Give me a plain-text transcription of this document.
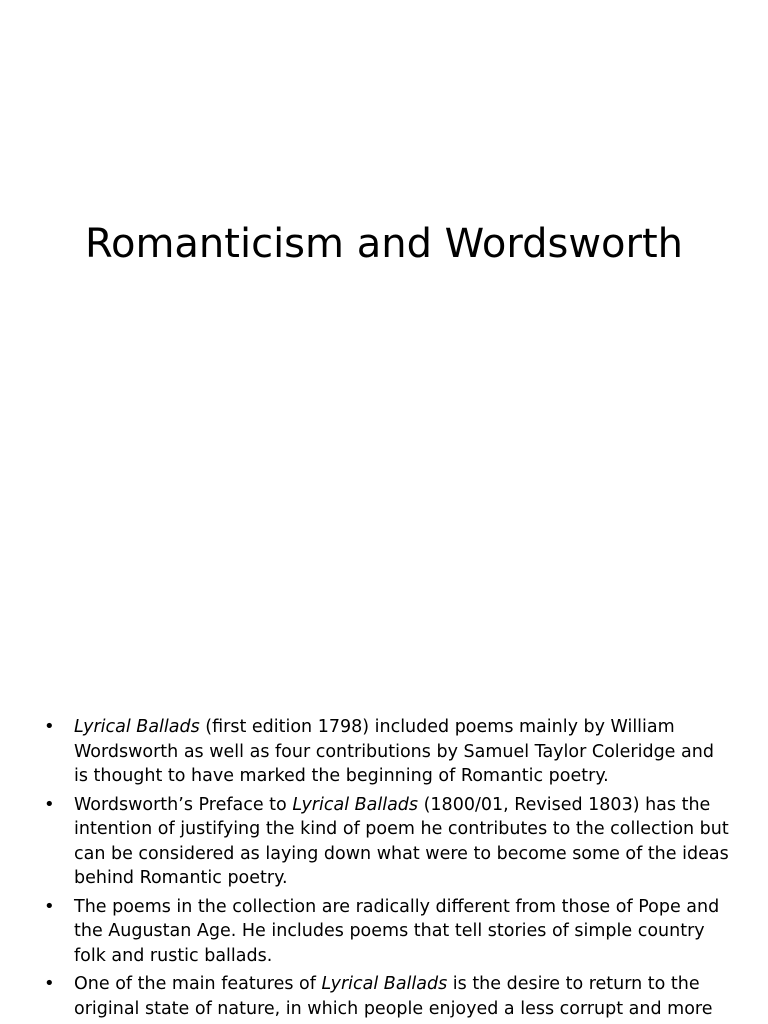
Romanticism and Wordsworth
• Lyrical Ballads (first edition 1798) included poems mainly by William Wordsworth as well as four contributions by Samuel Taylor Coleridge and is thought to have marked the beginning of Romantic poetry.
• Wordsworth’s Preface to Lyrical Ballads (1800/01, Revised 1803) has the intention of justifying the kind of poem he contributes to the collection but can be considered as laying down what were to become some of the ideas behind Romantic poetry.
• The poems in the collection are radically different from those of Pope and the Augustan Age. He includes poems that tell stories of simple country folk and rustic ballads.
• One of the main features of Lyrical Ballads is the desire to return to the original state of nature, in which people enjoyed a less corrupt and more
